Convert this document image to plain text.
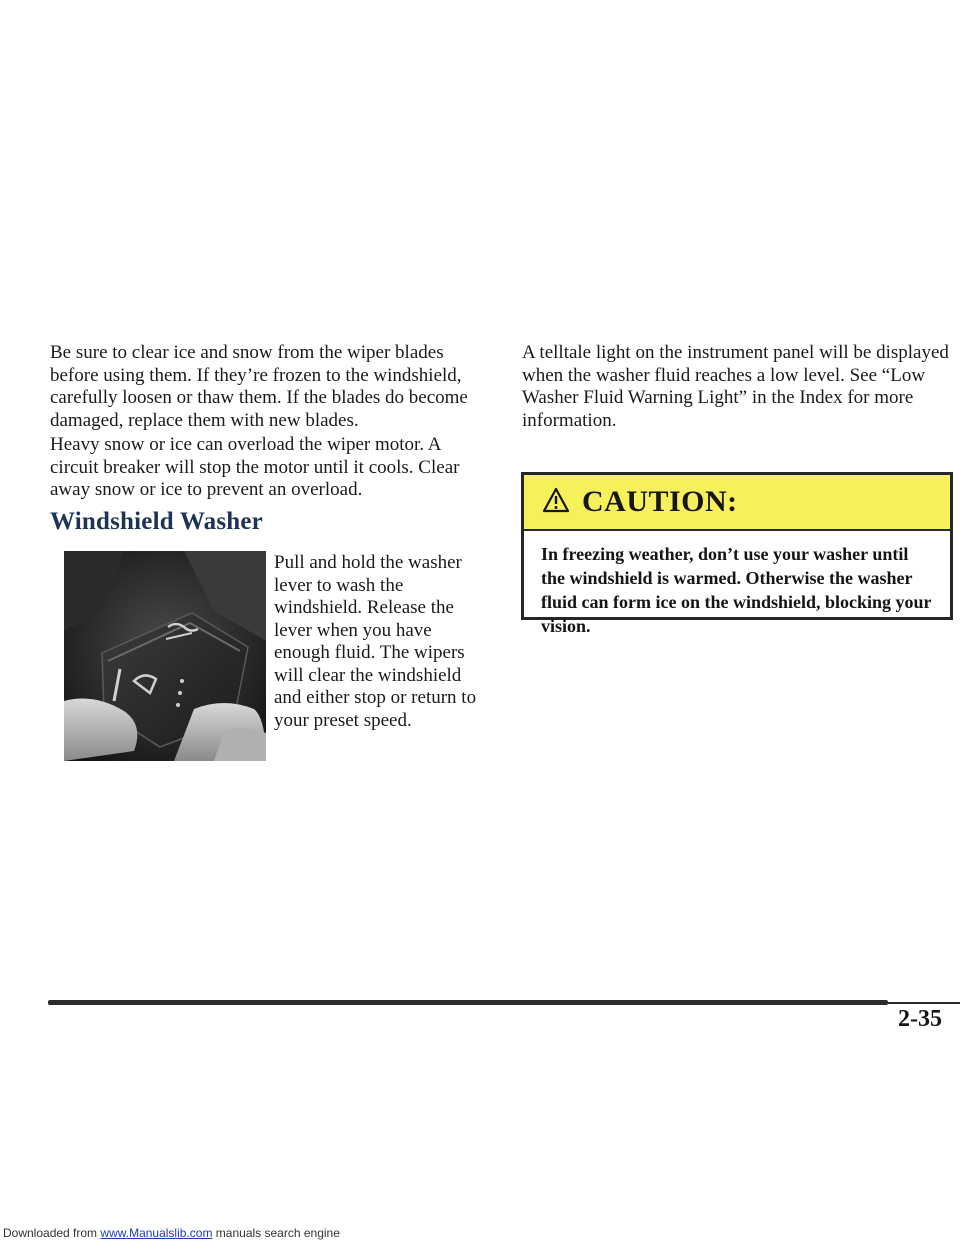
Be sure to clear ice and snow from the wiper blades before using them. If they’re frozen to the windshield, carefully loosen or thaw them. If the blades do become damaged, replace them with new blades.

Heavy snow or ice can overload the wiper motor. A circuit breaker will stop the motor until it cools. Clear away snow or ice to prevent an overload.

Windshield Washer

Pull and hold the washer lever to wash the windshield. Release the lever when you have enough fluid. The wipers will clear the windshield and either stop or return to your preset speed.

A telltale light on the instrument panel will be displayed when the washer fluid reaches a low level. See “Low Washer Fluid Warning Light” in the Index for more information.

CAUTION:

In freezing weather, don’t use your washer until the windshield is warmed. Otherwise the washer fluid can form ice on the windshield, blocking your vision.

2-35

Downloaded from www.Manualslib.com manuals search engine
